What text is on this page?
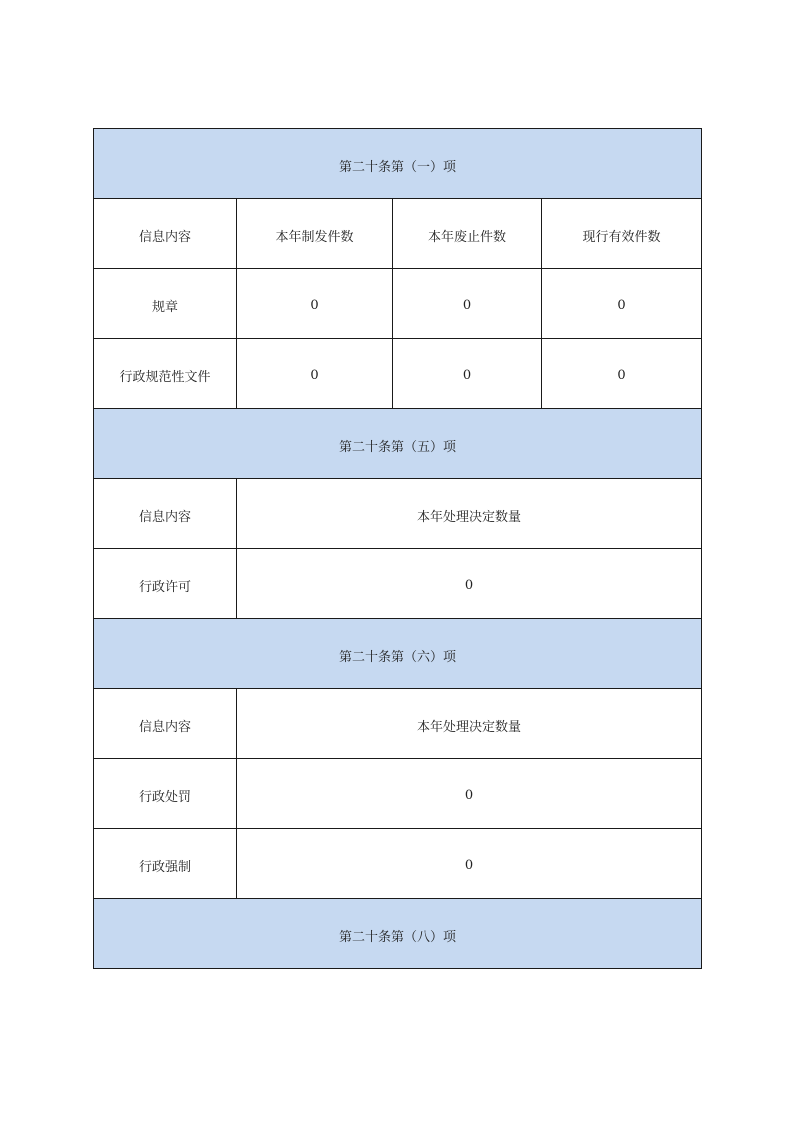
第二十条第（一）项			
信息内容	本年制发件数	本年废止件数	现行有效件数
规章	0	0	0
行政规范性文件	0	0	0
第二十条第（五）项			
信息内容	本年处理决定数量		
行政许可	0		
第二十条第（六）项			
信息内容	本年处理决定数量		
行政处罚	0		
行政强制	0		
第二十条第（八）项			
